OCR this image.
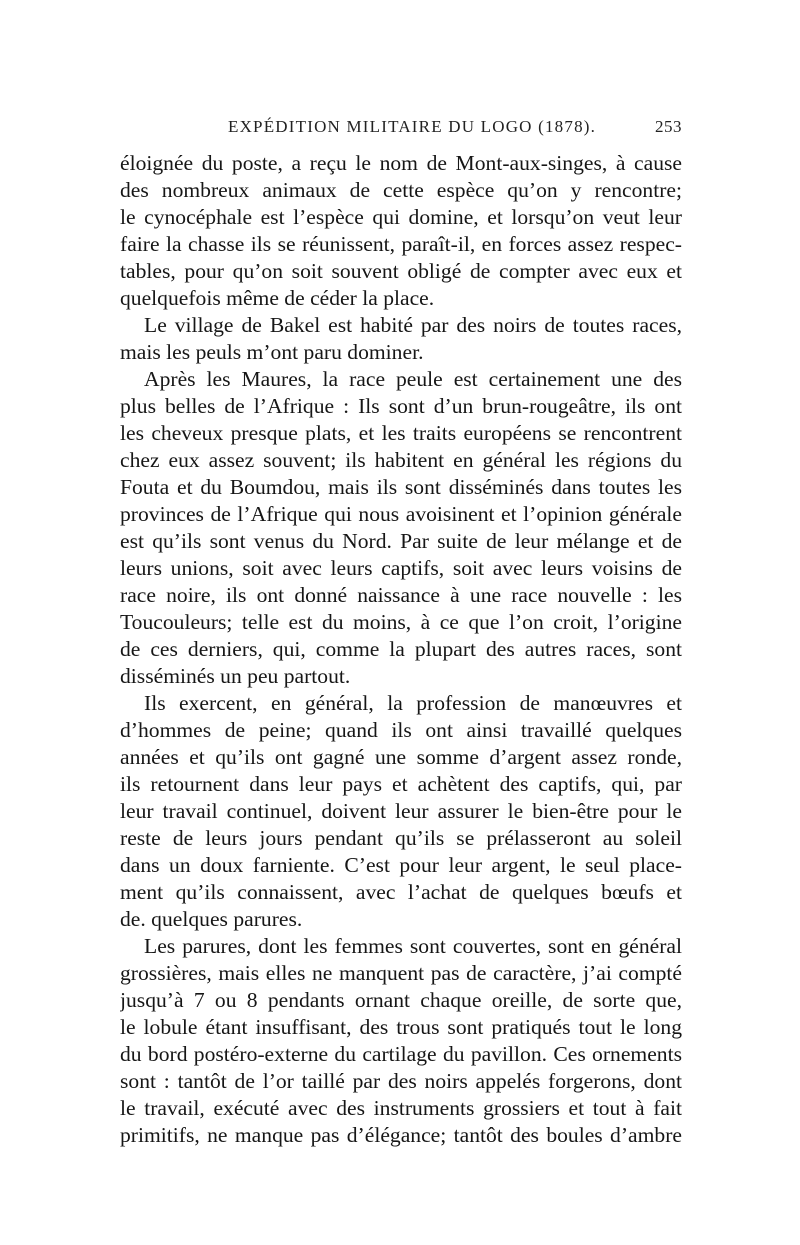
EXPÉDITION MILITAIRE DU LOGO (1878).	253
éloignée du poste, a reçu le nom de Mont-aux-singes, à cause
des nombreux animaux de cette espèce qu’on y rencontre;
le cynocéphale est l’espèce qui domine, et lorsqu’on veut leur
faire la chasse ils se réunissent, paraît-il, en forces assez respec-
tables, pour qu’on soit souvent obligé de compter avec eux et
quelquefois même de céder la place.
Le village de Bakel est habité par des noirs de toutes races,
mais les peuls m’ont paru dominer.
Après les Maures, la race peule est certainement une des
plus belles de l’Afrique : Ils sont d’un brun-rougeâtre, ils ont
les cheveux presque plats, et les traits européens se rencontrent
chez eux assez souvent; ils habitent en général les régions du
Fouta et du Boumdou, mais ils sont disséminés dans toutes les
provinces de l’Afrique qui nous avoisinent et l’opinion générale
est qu’ils sont venus du Nord. Par suite de leur mélange et de
leurs unions, soit avec leurs captifs, soit avec leurs voisins de
race noire, ils ont donné naissance à une race nouvelle : les
Toucouleurs; telle est du moins, à ce que l’on croit, l’origine
de ces derniers, qui, comme la plupart des autres races, sont
disséminés un peu partout.
Ils exercent, en général, la profession de manœuvres et
d’hommes de peine; quand ils ont ainsi travaillé quelques
années et qu’ils ont gagné une somme d’argent assez ronde,
ils retournent dans leur pays et achètent des captifs, qui, par
leur travail continuel, doivent leur assurer le bien-être pour le
reste de leurs jours pendant qu’ils se prélasseront au soleil
dans un doux farniente. C’est pour leur argent, le seul place-
ment qu’ils connaissent, avec l’achat de quelques bœufs et
de. quelques parures.
Les parures, dont les femmes sont couvertes, sont en général
grossières, mais elles ne manquent pas de caractère, j’ai compté
jusqu’à 7 ou 8 pendants ornant chaque oreille, de sorte que,
le lobule étant insuffisant, des trous sont pratiqués tout le long
du bord postéro-externe du cartilage du pavillon. Ces ornements
sont : tantôt de l’or taillé par des noirs appelés forgerons, dont
le travail, exécuté avec des instruments grossiers et tout à fait
primitifs, ne manque pas d’élégance; tantôt des boules d’ambre
